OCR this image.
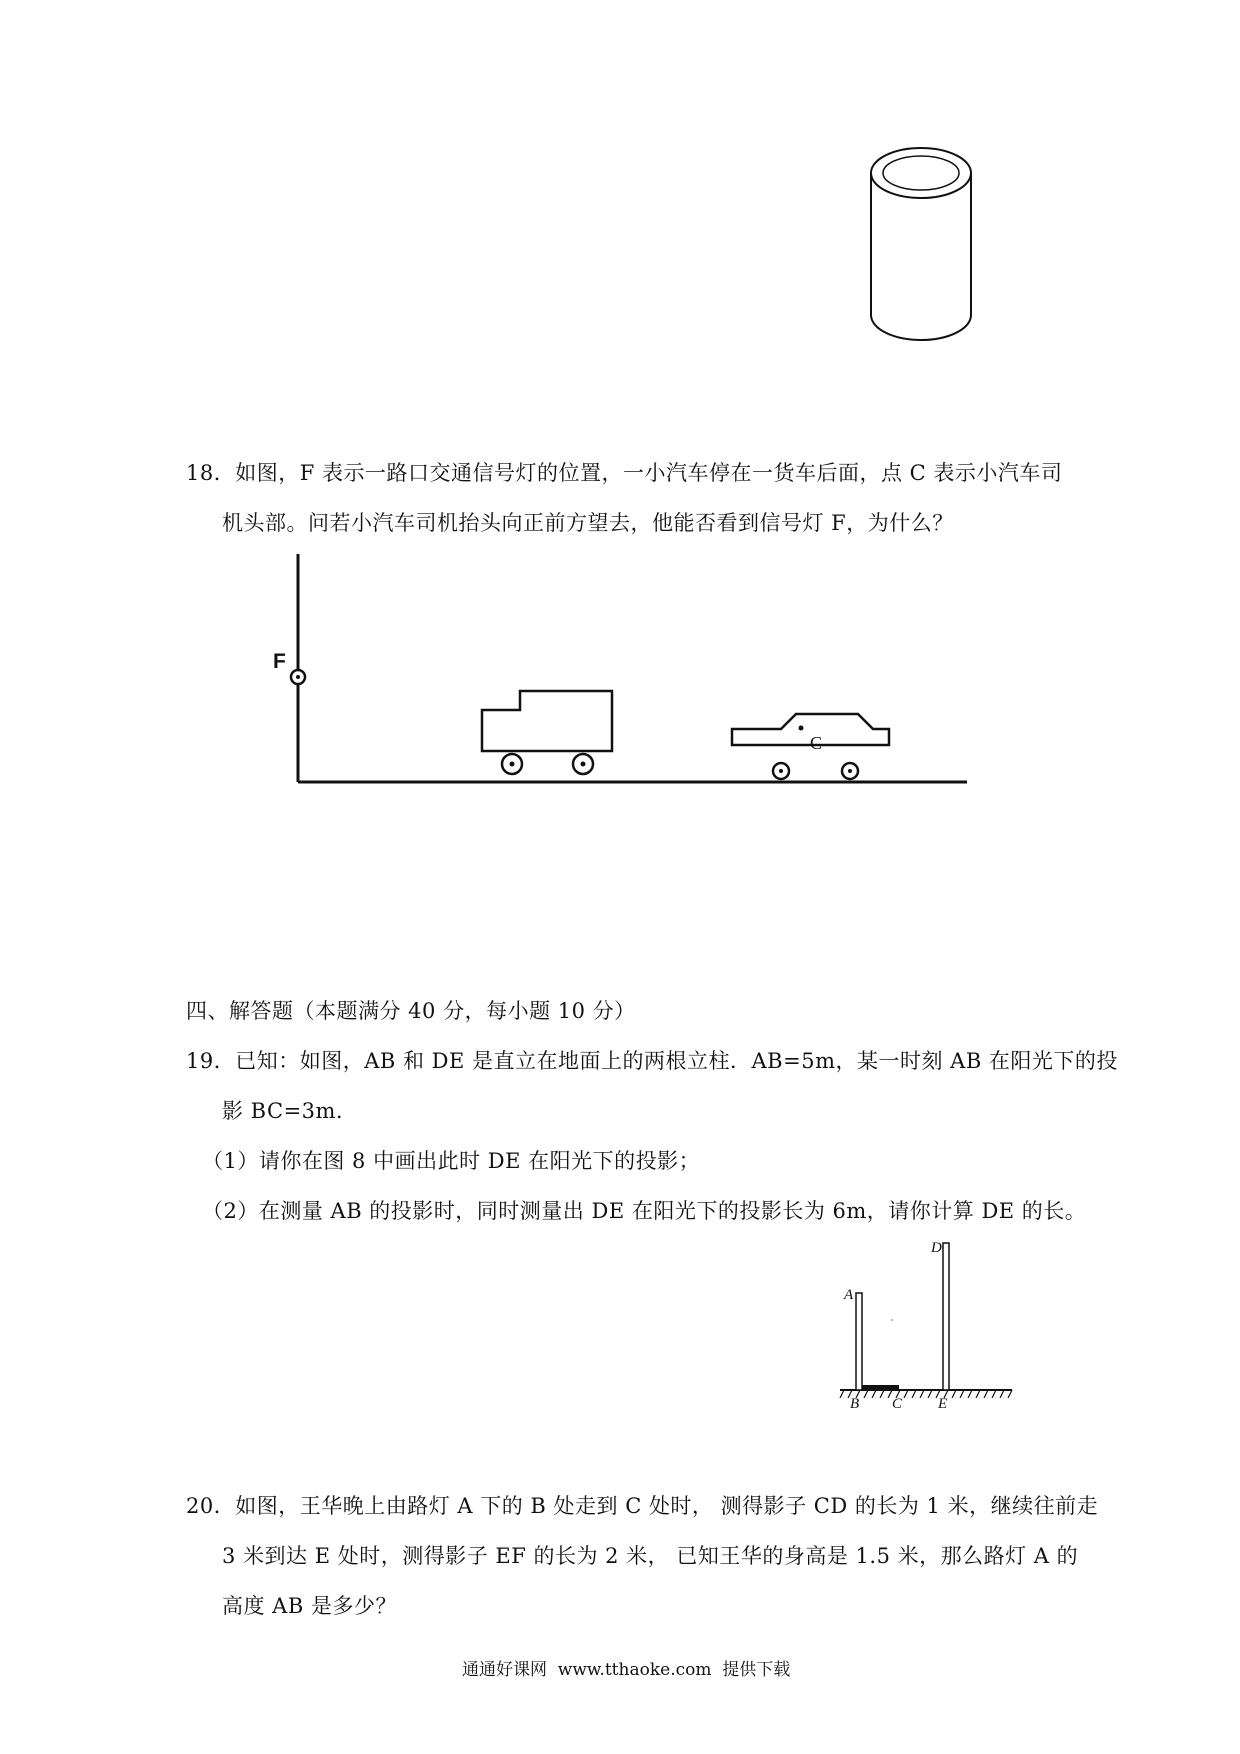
18．如图，F 表示一路口交通信号灯的位置，一小汽车停在一货车后面，点 C 表示小汽车司
机头部。问若小汽车司机抬头向正前方望去，他能否看到信号灯 F，为什么？
F
C
四、解答题（本题满分 40 分，每小题 10 分）
19．已知：如图，AB 和 DE 是直立在地面上的两根立柱．AB=5m，某一时刻 AB 在阳光下的投
影 BC=3m.
（1）请你在图 8 中画出此时 DE 在阳光下的投影；
（2）在测量 AB 的投影时，同时测量出 DE 在阳光下的投影长为 6m，请你计算 DE 的长。
A
B C
D
E
20．如图，王华晚上由路灯 A 下的 B 处走到 C 处时， 测得影子 CD 的长为 1 米，继续往前走
3 米到达 E 处时，测得影子 EF 的长为 2 米， 已知王华的身高是 1.5 米，那么路灯 A 的
高度 AB 是多少？
通通好课网  www.tthaoke.com  提供下载
